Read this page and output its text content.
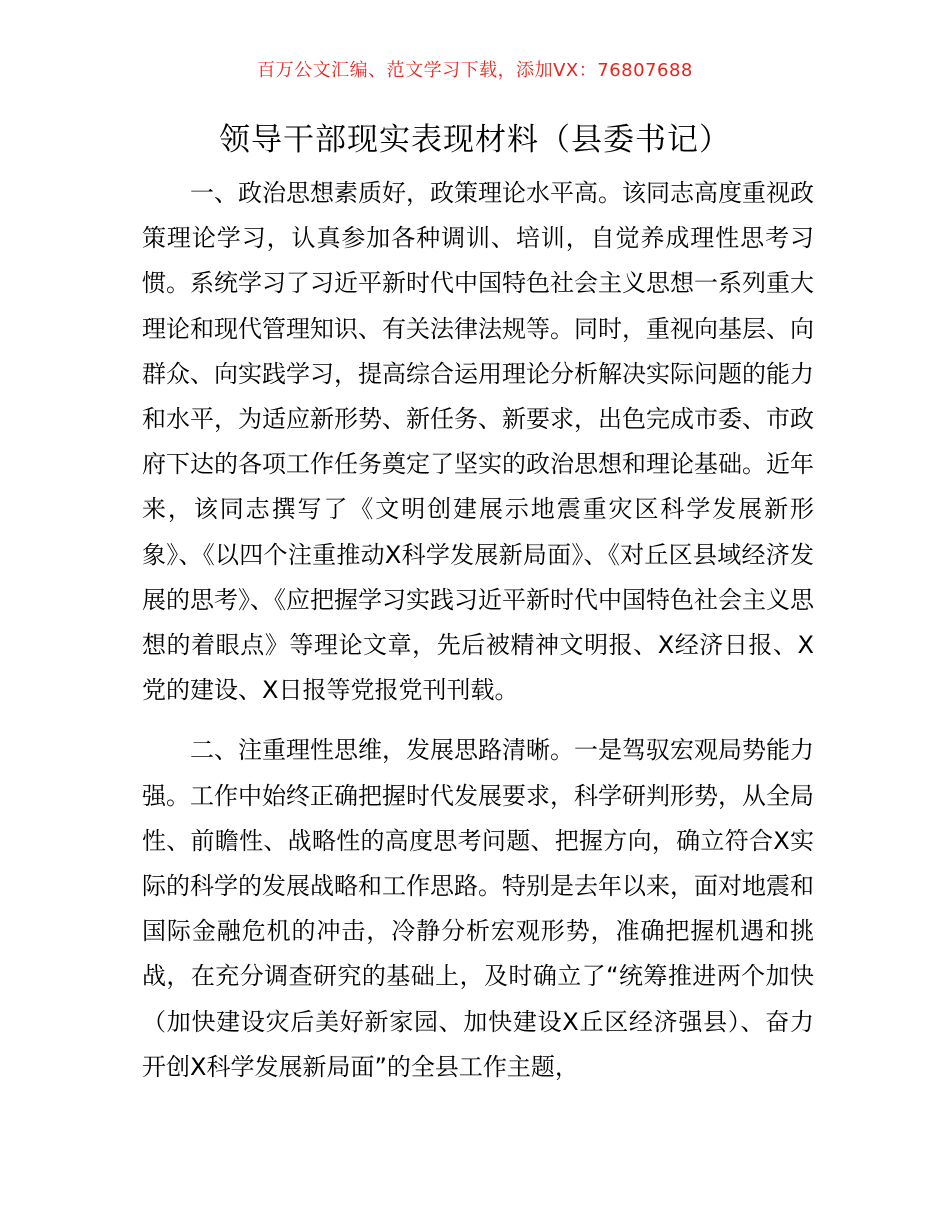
百万公文汇编、范文学习下载，添加VX：76807688
领导干部现实表现材料（县委书记）

一、政治思想素质好，政策理论水平高。该同志高度重视政策理论学习，认真参加各种调训、培训，自觉养成理性思考习惯。系统学习了习近平新时代中国特色社会主义思想一系列重大理论和现代管理知识、有关法律法规等。同时，重视向基层、向群众、向实践学习，提高综合运用理论分析解决实际问题的能力和水平，为适应新形势、新任务、新要求，出色完成市委、市政府下达的各项工作任务奠定了坚实的政治思想和理论基础。近年来，该同志撰写了《文明创建展示地震重灾区科学发展新形象》、《以四个注重推动X科学发展新局面》、《对丘区县域经济发展的思考》、《应把握学习实践习近平新时代中国特色社会主义思想的着眼点》等理论文章，先后被精神文明报、X经济日报、X党的建设、X日报等党报党刊刊载。

二、注重理性思维，发展思路清晰。一是驾驭宏观局势能力强。工作中始终正确把握时代发展要求，科学研判形势，从全局性、前瞻性、战略性的高度思考问题、把握方向，确立符合X实际的科学的发展战略和工作思路。特别是去年以来，面对地震和国际金融危机的冲击，冷静分析宏观形势，准确把握机遇和挑战，在充分调查研究的基础上，及时确立了“统筹推进两个加快（加快建设灾后美好新家园、加快建设X丘区经济强县）、奋力开创X科学发展新局面”的全县工作主题，
